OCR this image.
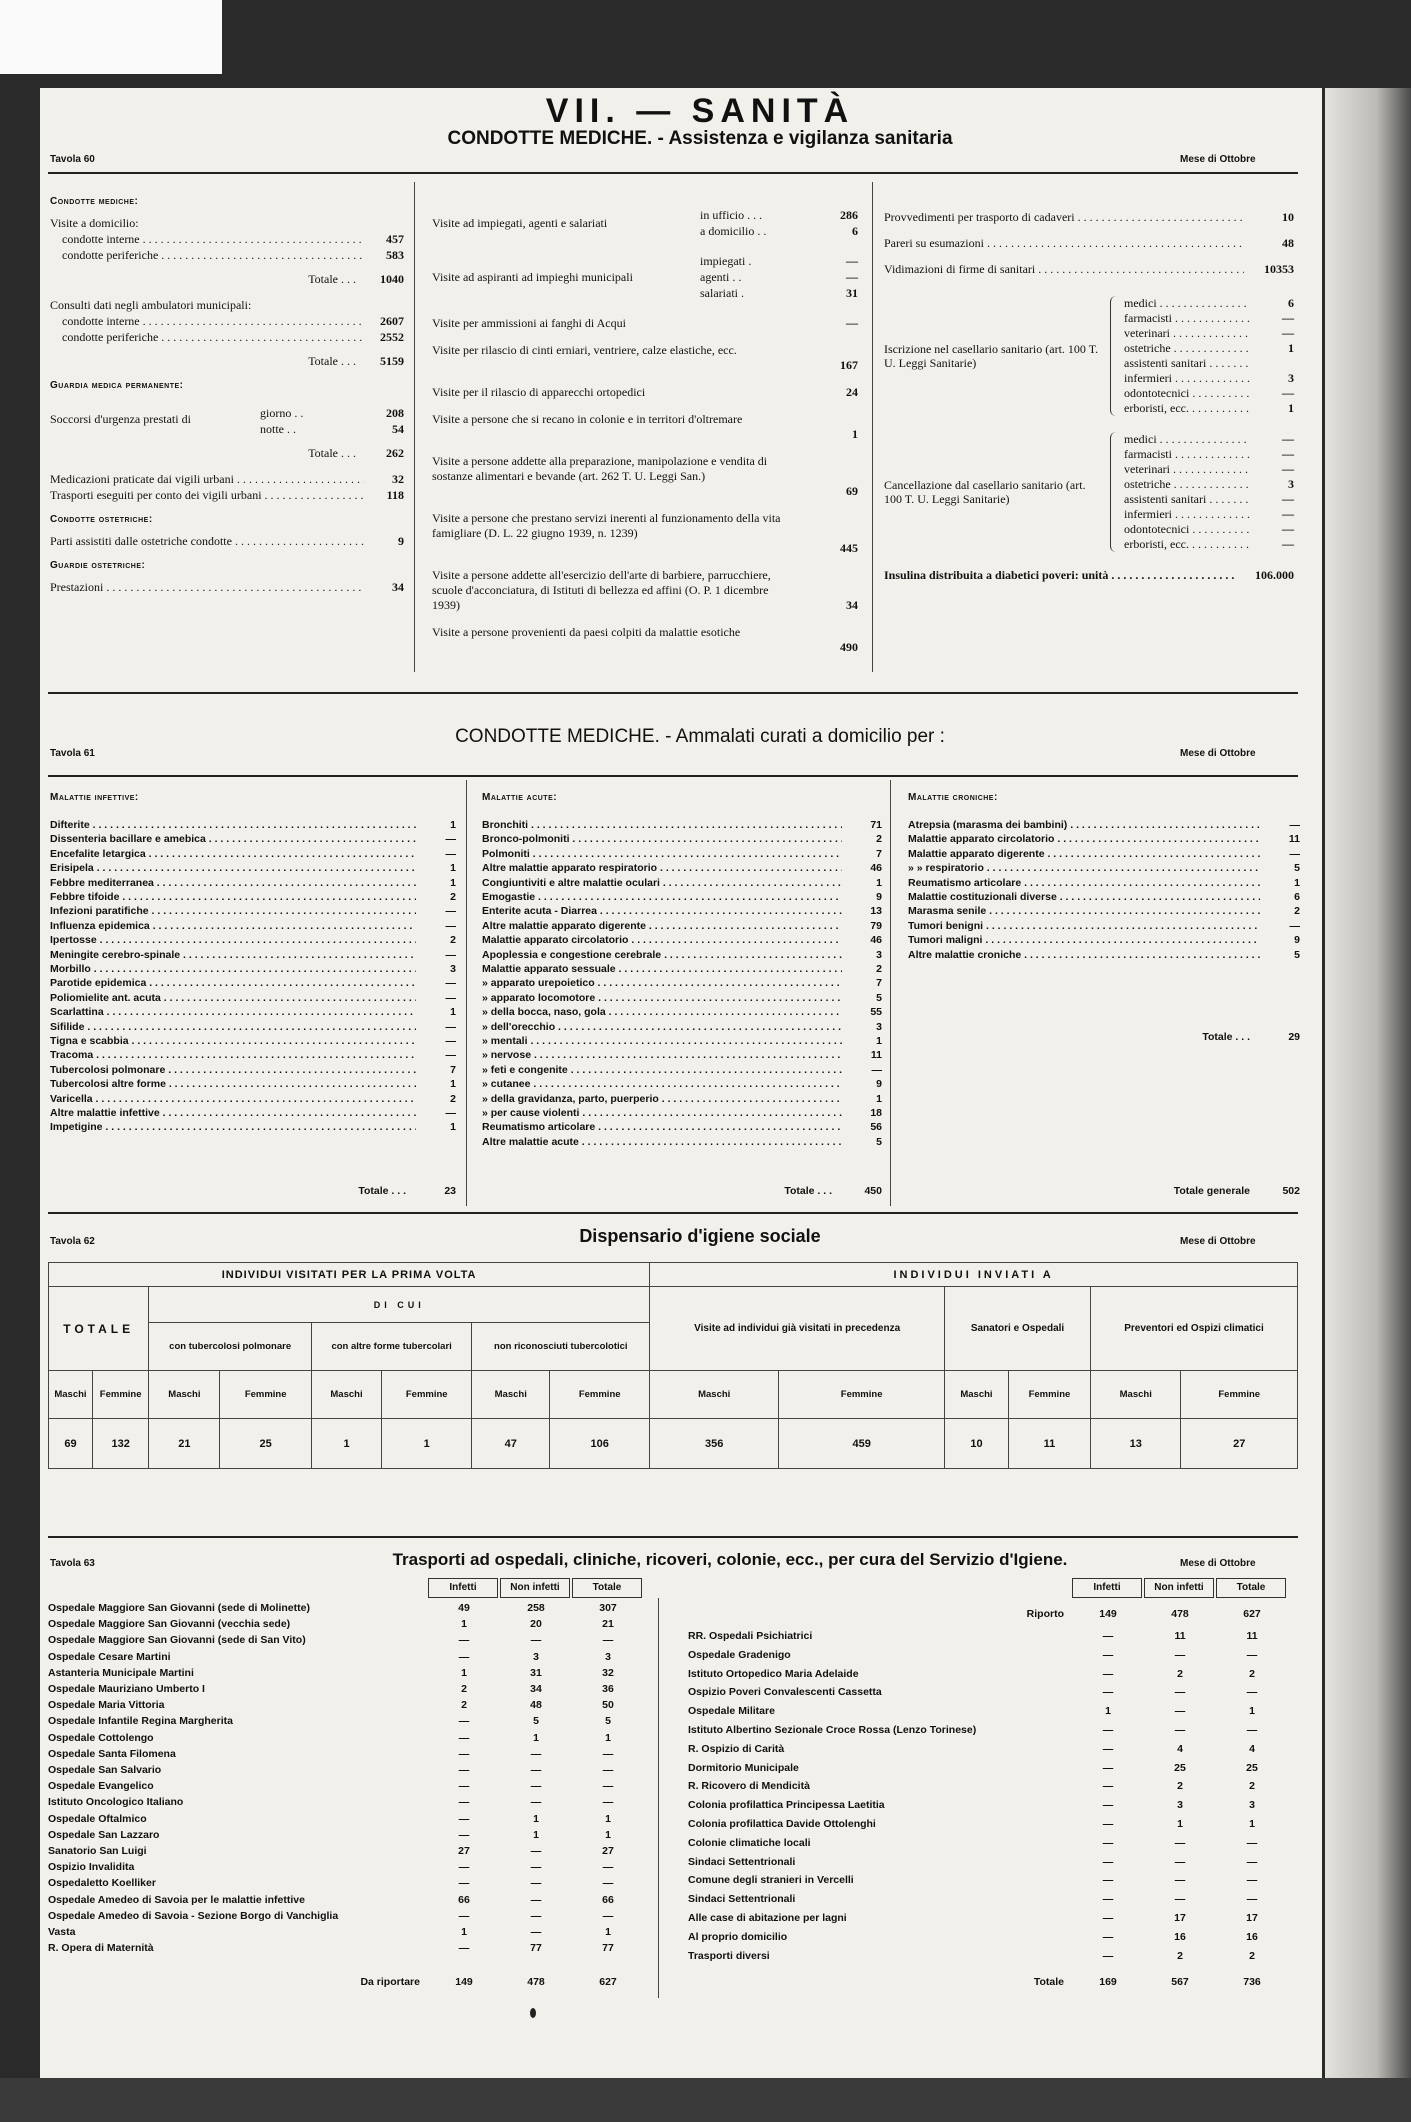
VII. — SANITÀ
CONDOTTE MEDICHE. - Assistenza e vigilanza sanitaria
Tavola 60	Mese di Ottobre
Condotte mediche:
Visite a domicilio:
condotte interne . . .	457
condotte periferiche . . .	583
Totale . . .	1040
Consulti dati negli ambulatori municipali:
condotte interne . . .	2607
condotte periferiche . . .	2552
Totale . . .	5159
Guardia medica permanente:
Soccorsi d'urgenza prestati di	giorno . .	208
notte . .	54
Totale . . .	262
Medicazioni praticate dai vigili urbani . . . . .	32
Trasporti eseguiti per conto dei vigili urbani . . .	118
Condotte ostetriche:
Parti assistiti dalle ostetriche condotte . . . . .	9
Guardie ostetriche:
Prestazioni . . .	34
Visite ad impiegati, agenti e salariati
in ufficio . . .	286
a domicilio . .	6
Visite ad aspiranti ad impieghi municipali
impiegati .	—
agenti . .	—
salariati .	31
Visite per ammissioni ai fanghi di Acqui	—
Visite per rilascio di cinti erniari, ventriere, calze elastiche, ecc.
167
Visite per il rilascio di apparecchi ortopedici	24
Visite a persone che si recano in colonie e in territori d'oltremare
1
Visite a persone addette alla preparazione, manipolazione e vendita di sostanze alimentari e bevande (art. 262 T. U. Leggi San.)
69
Visite a persone che prestano servizi inerenti al funzionamento della vita famigliare (D. L. 22 giugno 1939, n. 1239)
445
Visite a persone addette all'esercizio dell'arte di barbiere, parrucchiere, scuole d'acconciatura, di Istituti di bellezza ed affini (O. P. 1 dicembre 1939)	34
Visite a persone provenienti da paesi colpiti da malattie esotiche
490
Provvedimenti per trasporto di cadaveri . . .	10
Pareri su esumazioni . . .	48
Vidimazioni di firme di sanitari . . .	10353
Iscrizione nel casellario sanitario (art. 100 T. U. Leggi Sanitarie)
medici . . .	6
farmacisti . . .	—
veterinari . . .	—
ostetriche . . .	1
assistenti sanitari . . .
infermieri . . .	3
odontotecnici . . .	—
erboristi, ecc. . . .	1
Cancellazione dal casellario sanitario (art. 100 T. U. Leggi Sanitarie)
medici . . .	—
farmacisti . . .	—
veterinari . . .	—
ostetriche . . .	3
assistenti sanitari . . .	—
infermieri . . .	—
odontotecnici . . .	—
erboristi, ecc. . . .	—
Insulina distribuita a diabetici poveri: unità . . .	106.000
Tavola 61
CONDOTTE MEDICHE. - Ammalati curati a domicilio per :
Mese di Ottobre
Malattie infettive:
Difterite . . .	1
Dissenteria bacillare e amebica . . .	—
Encefalite letargica . . .	—
Erisipela . . .	1
Febbre mediterranea . . .	1
Febbre tifoide . . .	2
Infezioni paratifiche . . .	—
Influenza epidemica . . .	—
Ipertosse . . .	2
Meningite cerebro-spinale . . .	—
Morbillo . . .	3
Parotide epidemica . . .	—
Poliomielite ant. acuta . . .	—
Scarlattina . . .	1
Sifilide . . .	—
Tigna e scabbia . . .	—
Tracoma . . .	—
Tubercolosi polmonare . . .	7
Tubercolosi altre forme . . .	1
Varicella . . .	2
Altre malattie infettive . . .	—
Impetigine . . .	1
Totale . . .	23
Malattie acute:
Bronchiti . . .	71
Bronco-polmoniti . . .	2
Polmoniti . . .	7
Altre malattie apparato respiratorio . . .	46
Congiuntiviti e altre malattie oculari . . .	1
Emogastie . . .	9
Enterite acuta - Diarrea . . .	13
Altre malattie apparato digerente . . .	79
Malattie apparato circolatorio . . .	46
Apoplessia e congestione cerebrale . . .	3
Malattie apparato sessuale . . .	2
» apparato urepoietico . . .	7
» apparato locomotore . . .	5
» della bocca, naso, gola . . .	55
» dell'orecchio . . .	3
» mentali . . .	1
» nervose . . .	11
» feti e congenite . . .	—
» cutanee . . .	9
» della gravidanza, parto, puerperio . . .	1
» per cause violenti . . .	18
Reumatismo articolare . . .	56
Altre malattie acute . . .	5
Totale . . .	450
Malattie croniche:
Atrepsia (marasma dei bambini) . . .	—
Malattie apparato circolatorio . . .	11
Malattie apparato digerente . . .	—
» » respiratorio . . .	5
Reumatismo articolare . . .	1
Malattie costituzionali diverse . . .	6
Marasma senile . . .	2
Tumori benigni . . .	—
Tumori maligni . . .	9
Altre malattie croniche . . .	5
Totale . . .	29
Totale generale	502
Tavola 62	Dispensario d'igiene sociale	Mese di Ottobre
INDIVIDUI VISITATI PER LA PRIMA VOLTA								INDIVIDUI INVIATI A					
TOTALE		DI CUI						Visite ad individui già visitati in precedenza		Sanatori e Ospedali		Preventori ed Ospizi climatici	
		con tubercolosi polmonare		con altre forme tubercolari		non riconosciuti tubercolotici							
Maschi	Femmine	Maschi	Femmine	Maschi	Femmine	Maschi	Femmine	Maschi	Femmine	Maschi	Femmine	Maschi	Femmine
69	132	21	25	1	1	47	106	356	459	10	11	13	27
Tavola 63	Trasporti ad ospedali, cliniche, ricoveri, colonie, ecc., per cura del Servizio d'Igiene.	Mese di Ottobre
Infetti	Non infetti	Totale	Infetti	Non infetti	Totale
Ospedale Maggiore San Giovanni (sede di Molinette)	49	258	307
Ospedale Maggiore San Giovanni (vecchia sede)	1	20	21
Ospedale Maggiore San Giovanni (sede di San Vito)	—	—	—
Ospedale Cesare Martini	—	3	3
Astanteria Municipale Martini	1	31	32
Ospedale Mauriziano Umberto I	2	34	36
Ospedale Maria Vittoria	2	48	50
Ospedale Infantile Regina Margherita	—	5	5
Ospedale Cottolengo	—	1	1
Ospedale Santa Filomena	—	—	—
Ospedale San Salvario	—	—	—
Ospedale Evangelico	—	—	—
Istituto Oncologico Italiano	—	—	—
Ospedale Oftalmico	—	1	1
Ospedale San Lazzaro	—	1	1
Sanatorio San Luigi	27	—	27
Ospizio Invalidita	—	—	—
Ospedaletto Koelliker	—	—	—
Ospedale Amedeo di Savoia per le malattie infettive	66	—	66
Ospedale Amedeo di Savoia - Sezione Borgo di Vanchiglia	—	—	—
Vasta	1	—	1
R. Opera di Maternità	—	77	77
Da riportare	149	478	627
Riporto	149	478	627
RR. Ospedali Psichiatrici	—	11	11
Ospedale Gradenigo	—	—	—
Istituto Ortopedico Maria Adelaide	—	2	2
Ospizio Poveri Convalescenti Cassetta	—	—	—
Ospedale Militare	1	—	1
Istituto Albertino Sezionale Croce Rossa (Lenzo Torinese)	—	—	—
R. Ospizio di Carità	—	4	4
Dormitorio Municipale	—	25	25
R. Ricovero di Mendicità	—	2	2
Colonia profilattica Principessa Laetitia	—	3	3
Colonia profilattica Davide Ottolenghi	—	1	1
Colonie climatiche locali	—	—	—
Sindaci Settentrionali	—	—	—
Comune degli stranieri in Vercelli	—	—	—
Sindaci Settentrionali	—	—	—
Alle case di abitazione per lagni	—	17	17
Al proprio domicilio	—	16	16
Trasporti diversi	—	2	2
Totale	169	567	736
